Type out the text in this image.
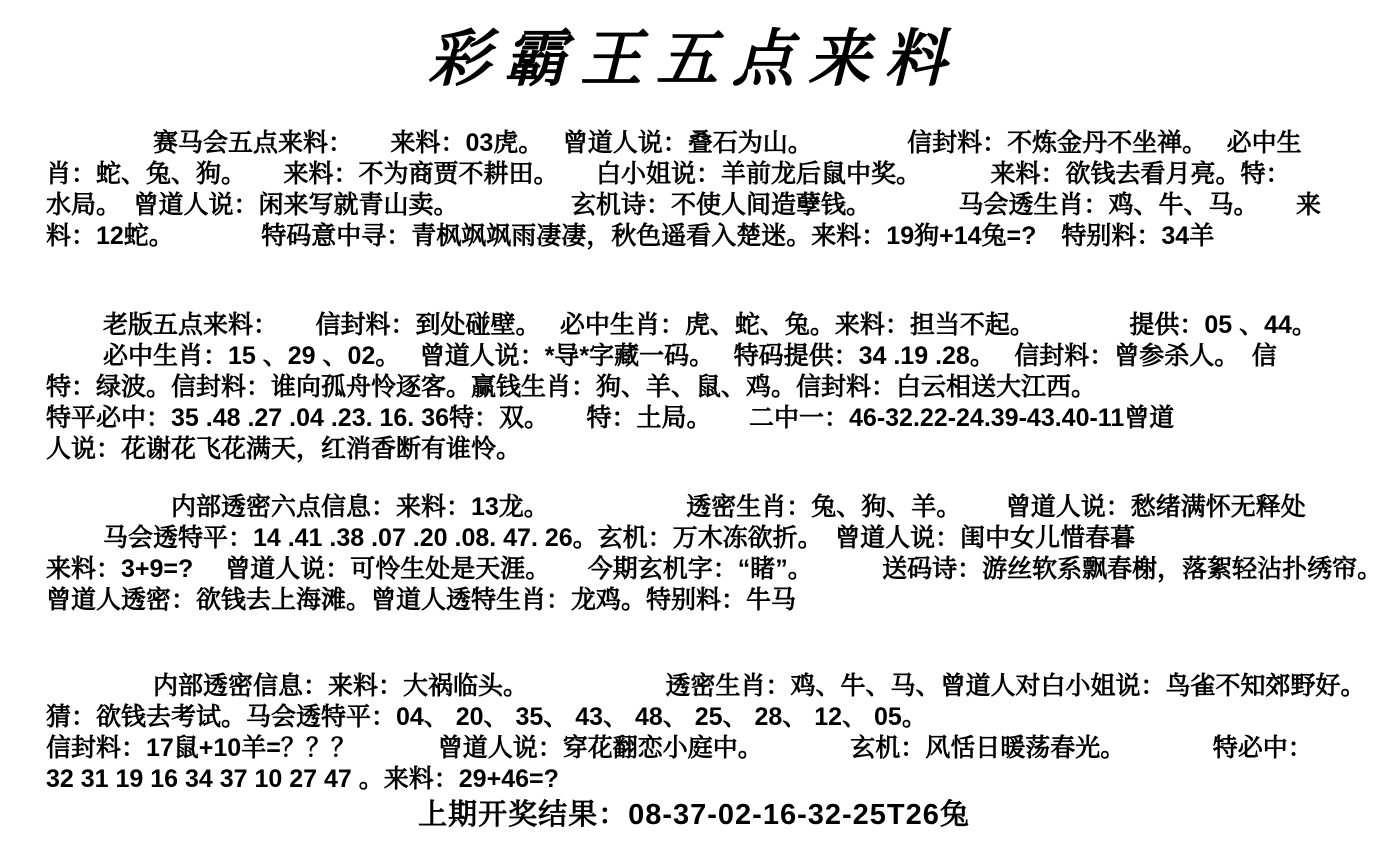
彩霸王五点来料
　　　　 赛马会五点来料：　　来料：03虎。　 曾道人说：叠石为山。　　　　 信封料：不炼金丹不坐禅。　 必中生
肖：蛇、兔、狗。　　来料：不为商贾不耕田。　　白小姐说：羊前龙后鼠中奖。　　　 来料：欲钱去看月亮。特：
水局。　曾道人说：闲来写就青山卖。　　　　　玄机诗：不使人间造孽钱。　　　　马会透生肖：鸡、牛、马。　　来
料：12蛇。　　　　特码意中寻：青枫飒飒雨凄凄，秋色遥看入楚迷。来料：19狗+14兔=?　特别料：34羊
　　 老版五点来料：　　信封料：到处碰壁。　 必中生肖：虎、蛇、兔。来料：担当不起。　　　　 提供：05 、44。
　　 必中生肖：15 、29 、02。　 曾道人说：*导*字藏一码。　 特码提供：34 .19 .28。　 信封料：曾参杀人。　信
特：绿波。信封料：谁向孤舟怜逐客。赢钱生肖：狗、羊、鼠、鸡。信封料：白云相送大江西。
特平必中：35 .48 .27 .04 .23. 16. 36特：双。　　特：土局。　　二中一：46-32.22-24.39-43.40-11曾道
人说：花谢花飞花满天，红消香断有谁怜。
　　　　　内部透密六点信息：来料：13龙。　　　　　　透密生肖：兔、狗、羊。　　 曾道人说：愁绪满怀无释处
　　 马会透特平：14 .41 .38 .07 .20 .08. 47. 26。玄机：万木冻欲折。　曾道人说：闺中女儿惜春暮
来料：3+9=?　 曾道人说：可怜生处是天涯。　　今期玄机字：“睹”。　　　 送码诗：游丝软系飘春榭，落絮轻沾扑绣帘。
曾道人透密：欲钱去上海滩。曾道人透特生肖：龙鸡。特别料：牛马
　　　　 内部透密信息：来料：大祸临头。　　　　　　透密生肖：鸡、牛、马、曾道人对白小姐说：鸟雀不知郊野好。
猜：欲钱去考试。马会透特平：04、 20、 35、 43、 48、 25、 28、 12、 05。
信封料：17鼠+10羊=？？？　　　 曾道人说：穿花翻恋小庭中。　　　　玄机：风恬日暖荡春光。　　　　特必中：
32 31 19 16 34 37 10 27 47 。来料：29+46=?
上期开奖结果：08-37-02-16-32-25T26兔
